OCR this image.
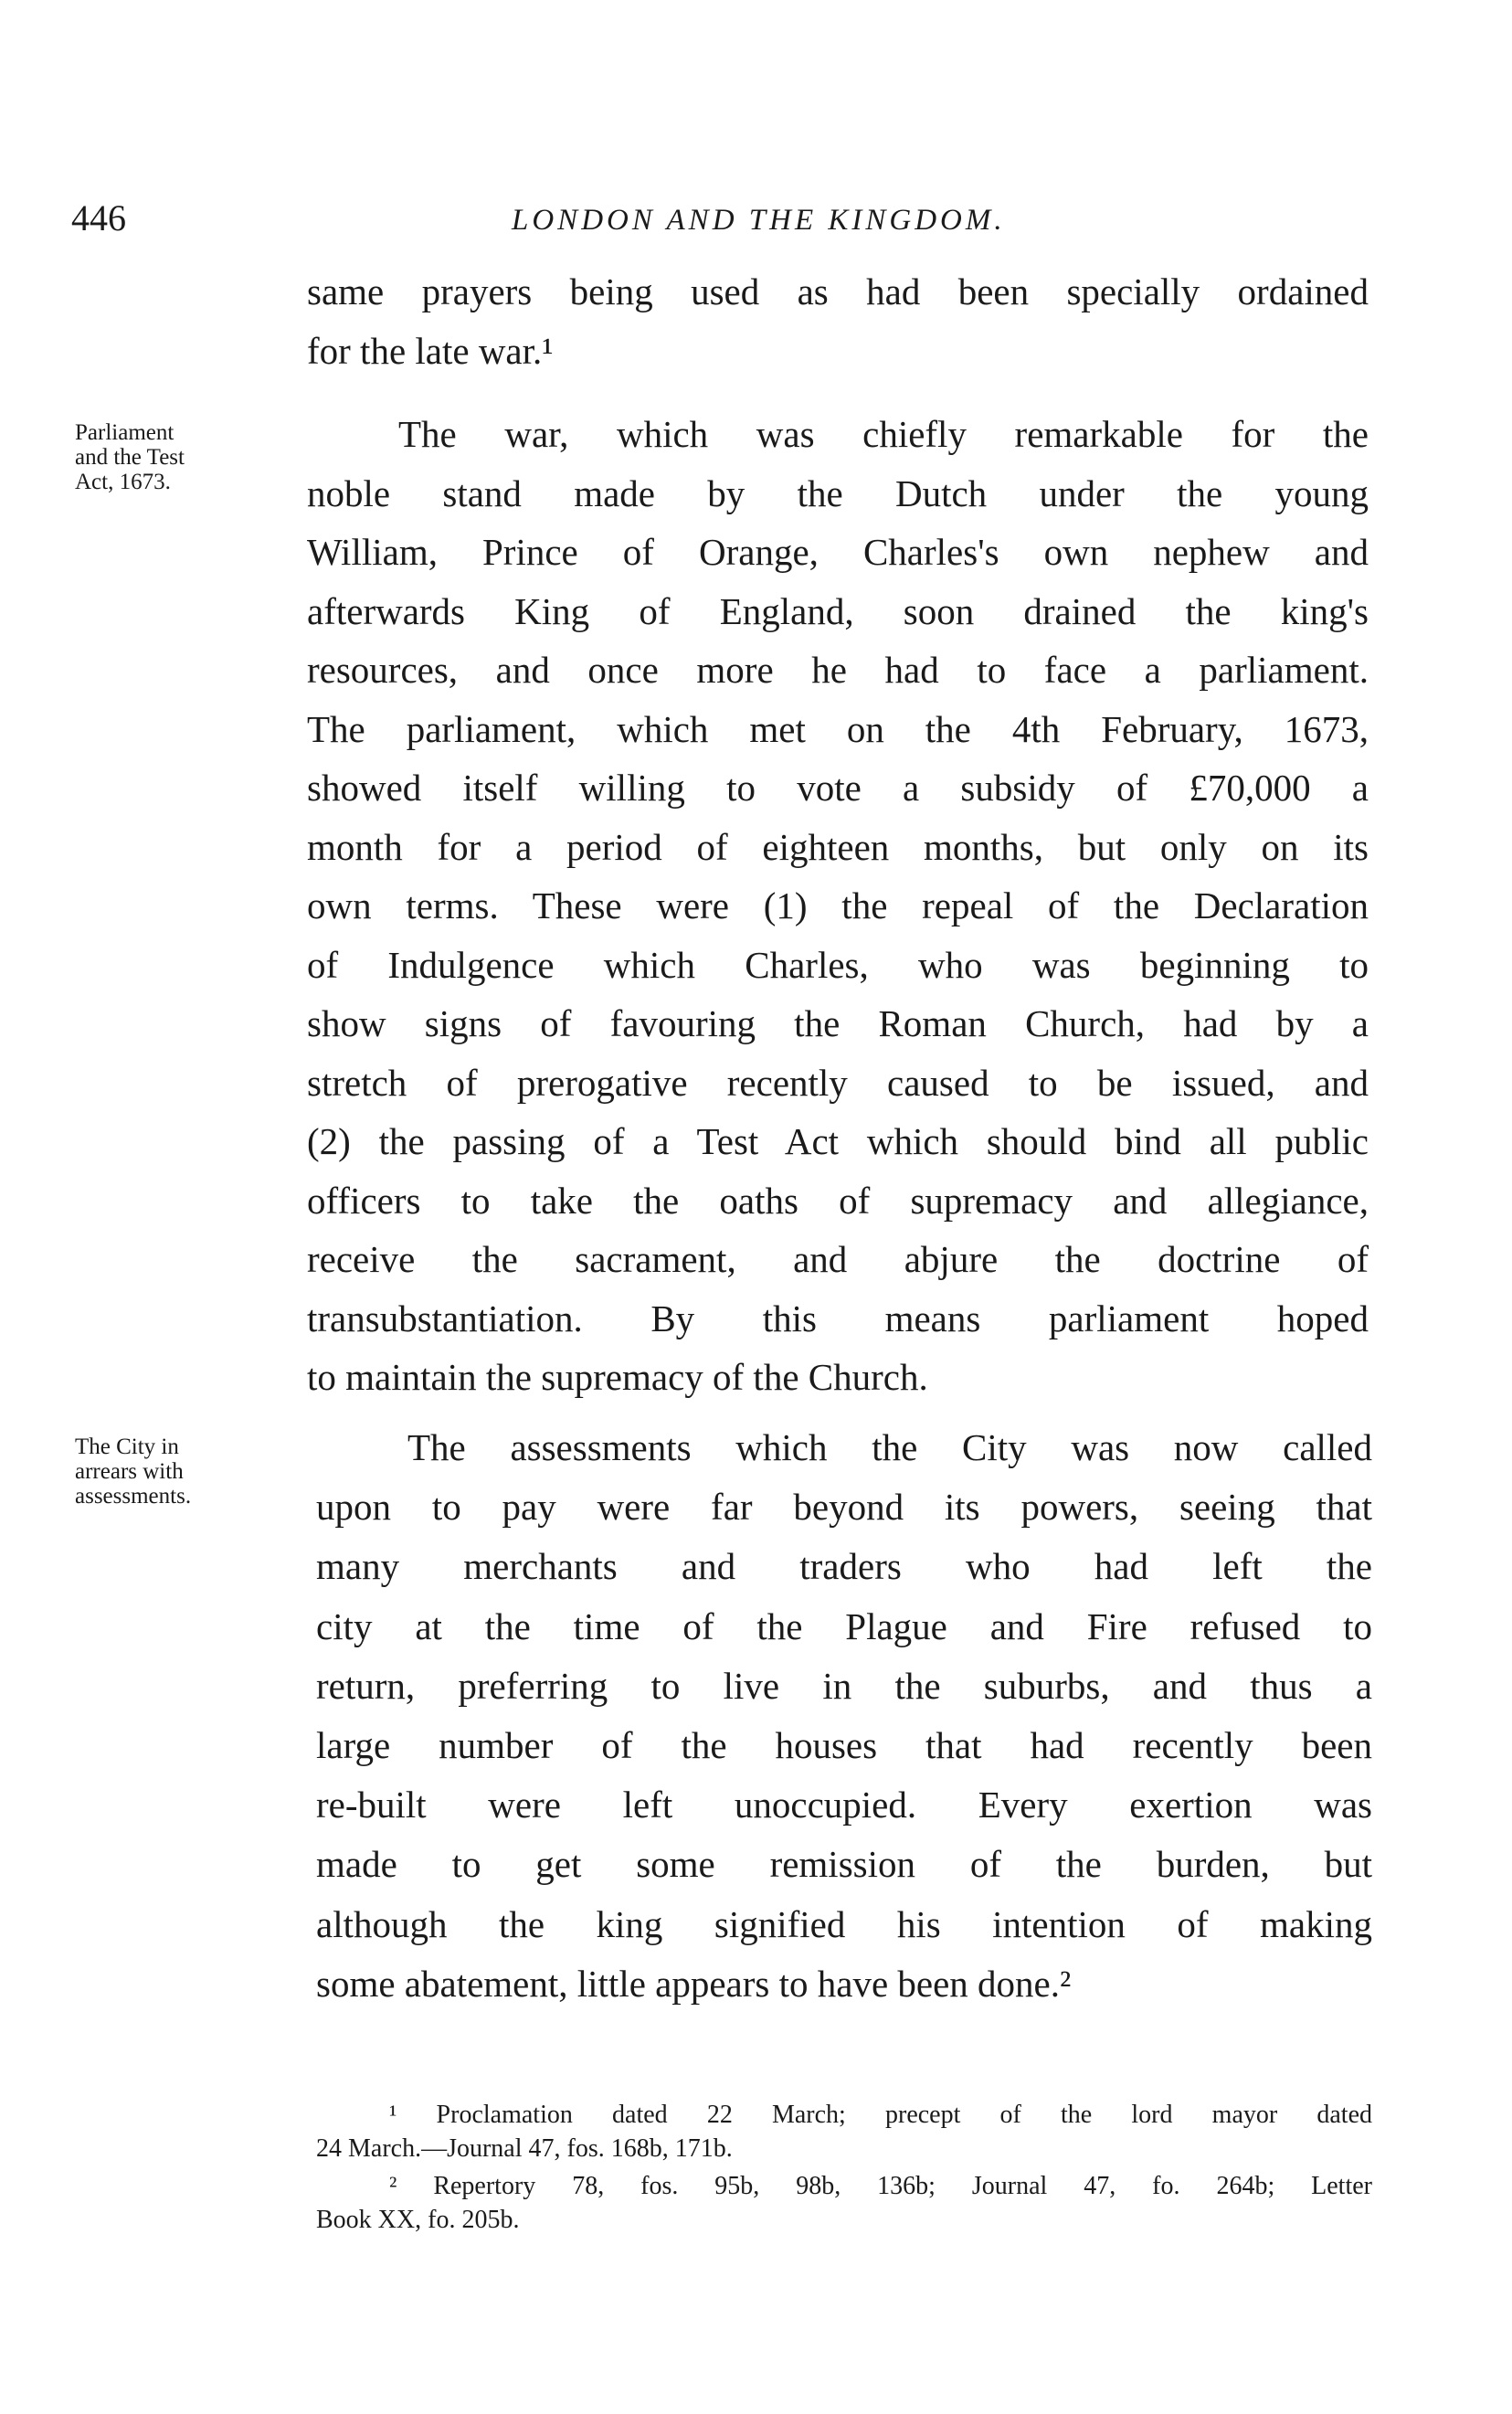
446	LONDON AND THE KINGDOM.
Parliament
and the Test
Act, 1673.
The City in
arrears with
assessments.
same prayers being used as had been specially ordained
for the late war.¹
The war, which was chiefly remarkable for the
noble stand made by the Dutch under the young
William, Prince of Orange, Charles's own nephew and
afterwards King of England, soon drained the king's
resources, and once more he had to face a parliament.
The parliament, which met on the 4th February, 1673,
showed itself willing to vote a subsidy of £70,000 a
month for a period of eighteen months, but only on its
own terms. These were (1) the repeal of the Declaration
of Indulgence which Charles, who was beginning to
show signs of favouring the Roman Church, had by a
stretch of prerogative recently caused to be issued, and
(2) the passing of a Test Act which should bind all public
officers to take the oaths of supremacy and allegiance,
receive the sacrament, and abjure the doctrine of
transubstantiation. By this means parliament hoped
to maintain the supremacy of the Church.
The assessments which the City was now called
upon to pay were far beyond its powers, seeing that
many merchants and traders who had left the
city at the time of the Plague and Fire refused to
return, preferring to live in the suburbs, and thus a
large number of the houses that had recently been
re-built were left unoccupied. Every exertion was
made to get some remission of the burden, but
although the king signified his intention of making
some abatement, little appears to have been done.²
¹ Proclamation dated 22 March; precept of the lord mayor dated
24 March.—Journal 47, fos. 168b, 171b.
² Repertory 78, fos. 95b, 98b, 136b; Journal 47, fo. 264b; Letter
Book XX, fo. 205b.
